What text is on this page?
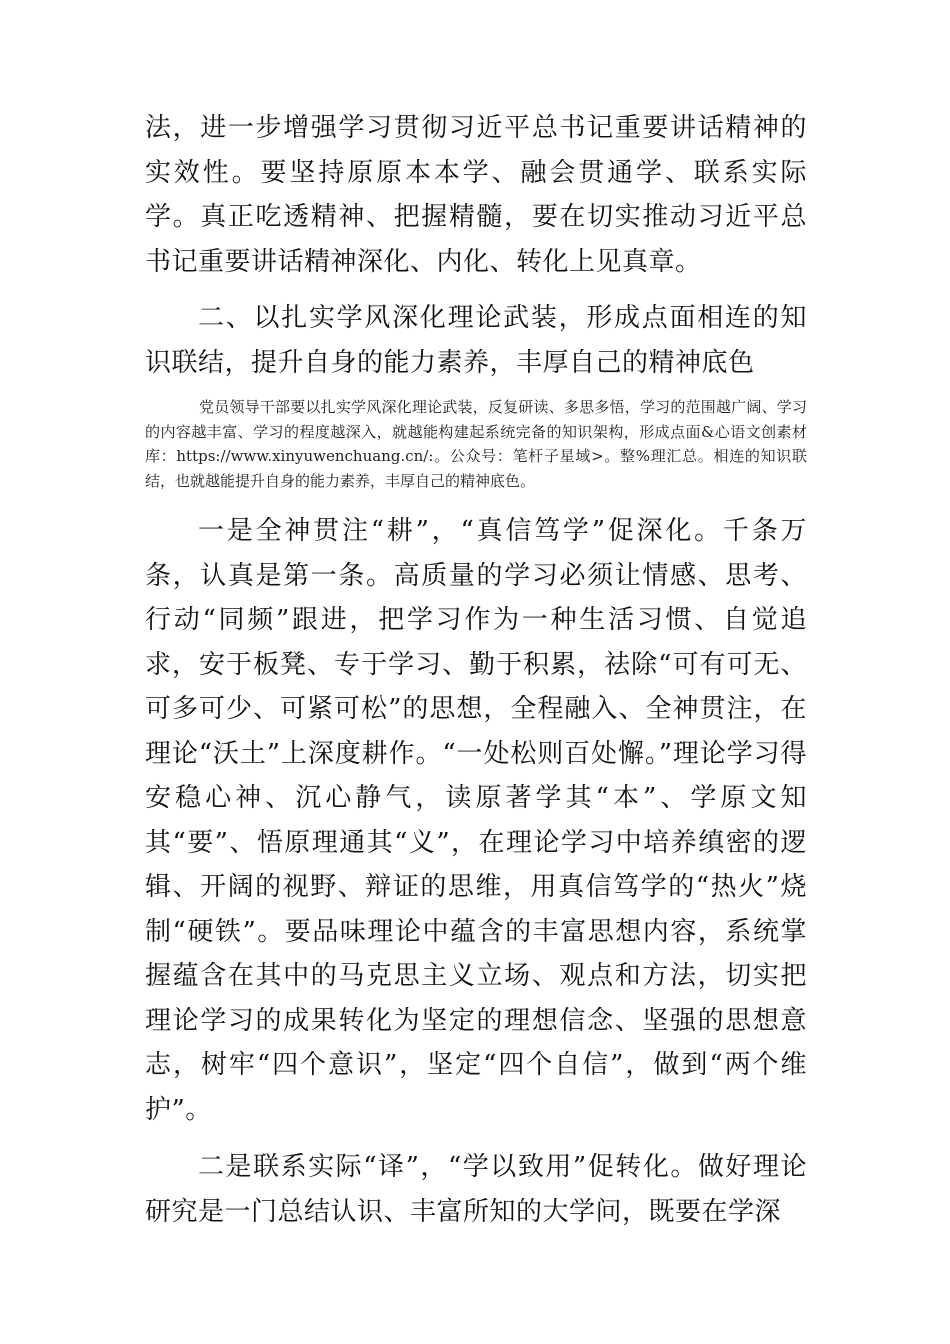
法，进一步增强学习贯彻习近平总书记重要讲话精神的实效性。要坚持原原本本学、融会贯通学、联系实际学。真正吃透精神、把握精髓，要在切实推动习近平总书记重要讲话精神深化、内化、转化上见真章。

二、以扎实学风深化理论武装，形成点面相连的知识联结，提升自身的能力素养，丰厚自己的精神底色

党员领导干部要以扎实学风深化理论武装，反复研读、多思多悟，学习的范围越广阔、学习的内容越丰富、学习的程度越深入，就越能构建起系统完备的知识架构，形成点面&心语文创素材库：https://www.xinyuwenchuang.cn/:。公众号：笔杆子星域>。整%理汇总。相连的知识联结，也就越能提升自身的能力素养，丰厚自己的精神底色。

一是全神贯注“耕”，“真信笃学”促深化。千条万条，认真是第一条。高质量的学习必须让情感、思考、行动“同频”跟进，把学习作为一种生活习惯、自觉追求，安于板凳、专于学习、勤于积累，祛除“可有可无、可多可少、可紧可松”的思想，全程融入、全神贯注，在理论“沃土”上深度耕作。“一处松则百处懈。”理论学习得安稳心神、沉心静气，读原著学其“本”、学原文知其“要”、悟原理通其“义”，在理论学习中培养缜密的逻辑、开阔的视野、辩证的思维，用真信笃学的“热火”烧制“硬铁”。要品味理论中蕴含的丰富思想内容，系统掌握蕴含在其中的马克思主义立场、观点和方法，切实把理论学习的成果转化为坚定的理想信念、坚强的思想意志，树牢“四个意识”，坚定“四个自信”，做到“两个维护”。

二是联系实际“译”，“学以致用”促转化。做好理论研究是一门总结认识、丰富所知的大学问，既要在学深
